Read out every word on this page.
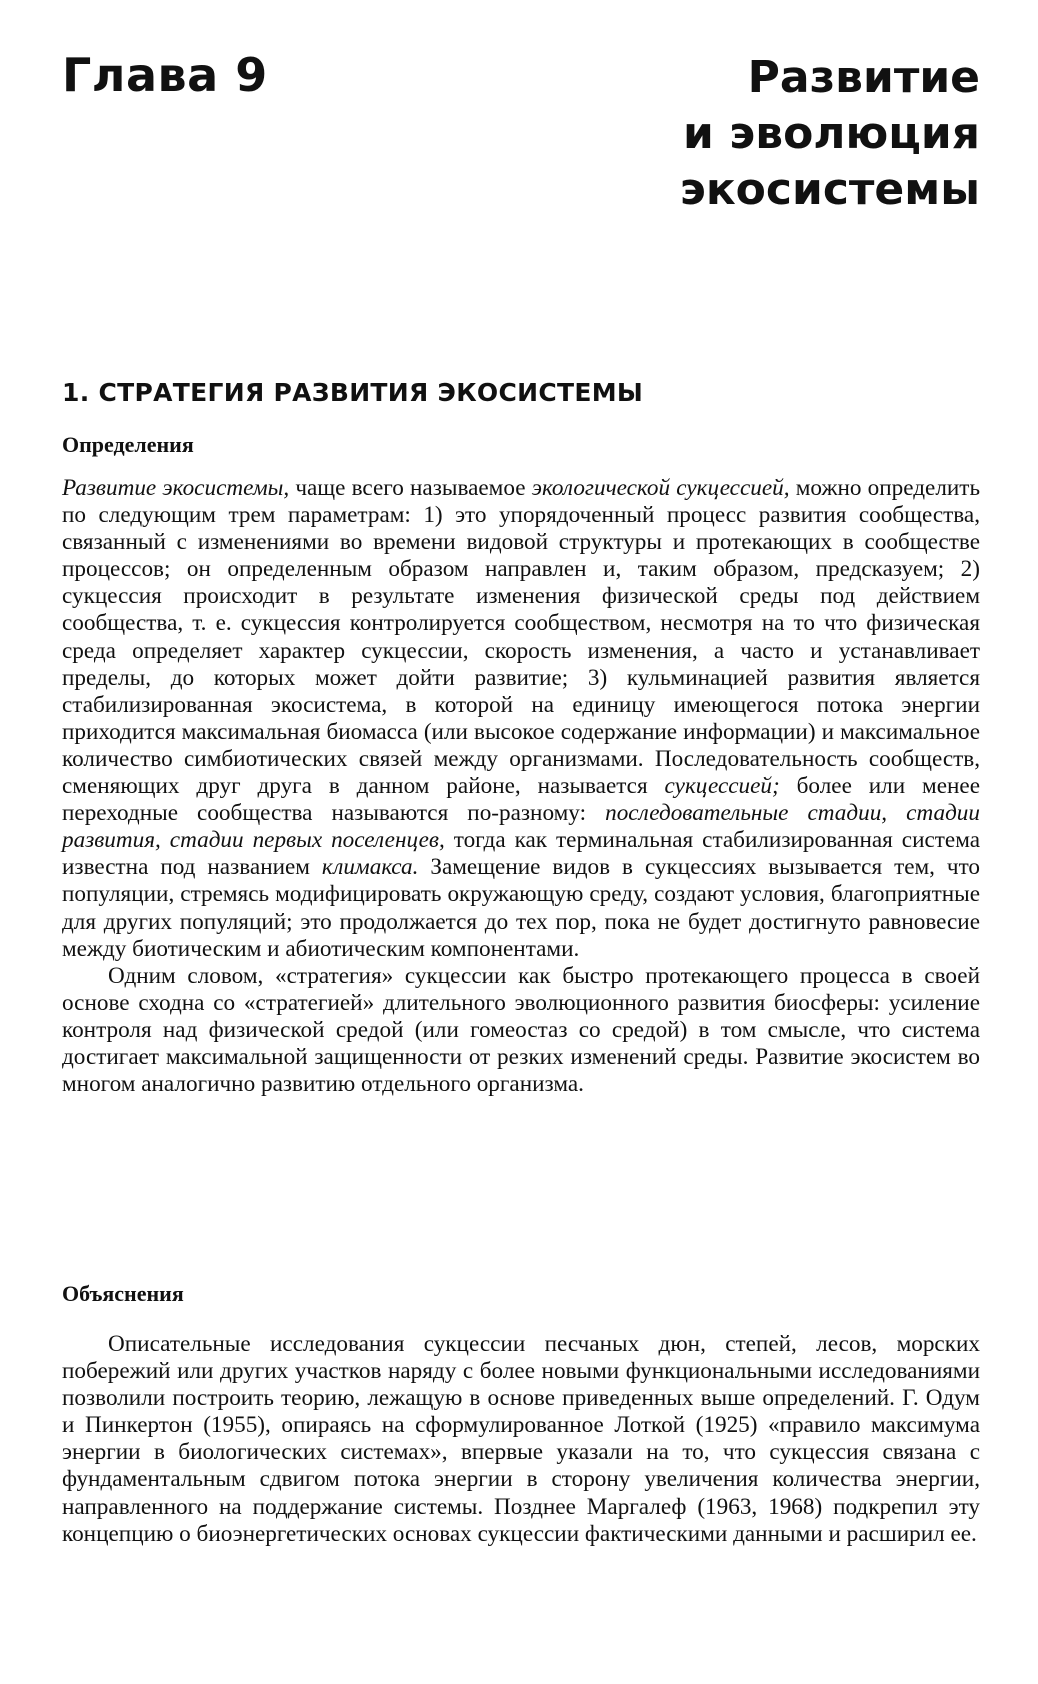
Глава 9	Развитие
и эволюция
экосистемы
1. СТРАТЕГИЯ РАЗВИТИЯ ЭКОСИСТЕМЫ
Определения

Развитие экосистемы, чаще всего называемое экологической сукцессией, можно определить по следующим трем параметрам: 1) это упорядоченный процесс развития сообщества, связанный с изменениями во времени видовой структуры и протекающих в сообществе процессов; он определенным образом направлен и, таким образом, предсказуем; 2) сукцессия происходит в результате изменения физической среды под действием сообщества, т. е. сукцессия контролируется сообществом, несмотря на то что физическая среда определяет характер сукцессии, скорость изменения, а часто и устанавливает пределы, до которых может дойти развитие; 3) кульминацией развития является стабилизированная экосистема, в которой на единицу имеющегося потока энергии приходится максимальная биомасса (или высокое содержание информации) и максимальное количество симбиотических связей между организмами. Последовательность сообществ, сменяющих друг друга в данном районе, называется сукцессией; более или менее переходные сообщества называются по-разному: последовательные стадии, стадии развития, стадии первых поселенцев, тогда как терминальная стабилизированная система известна под названием климакса. Замещение видов в сукцессиях вызывается тем, что популяции, стремясь модифицировать окружающую среду, создают условия, благоприятные для других популяций; это продолжается до тех пор, пока не будет достигнуто равновесие между биотическим и абиотическим компонентами.

Одним словом, «стратегия» сукцессии как быстро протекающего процесса в своей основе сходна со «стратегией» длительного эволюционного развития биосферы: усиление контроля над физической средой (или гомеостаз со средой) в том смысле, что система достигает максимальной защищенности от резких изменений среды. Развитие экосистем во многом аналогично развитию отдельного организма.

Объяснения

Описательные исследования сукцессии песчаных дюн, степей, лесов, морских побережий или других участков наряду с более новыми функциональными исследованиями позволили построить теорию, лежащую в основе приведенных выше определений. Г. Одум и Пинкертон (1955), опираясь на сформулированное Лоткой (1925) «правило максимума энергии в биологических системах», впервые указали на то, что сукцессия связана с фундаментальным сдвигом потока энергии в сторону увеличения количества энергии, направленного на поддержание системы. Позднее Маргалеф (1963, 1968) подкрепил эту концепцию о биоэнергетических основах сукцессии фактическими данными и расширил ее.
